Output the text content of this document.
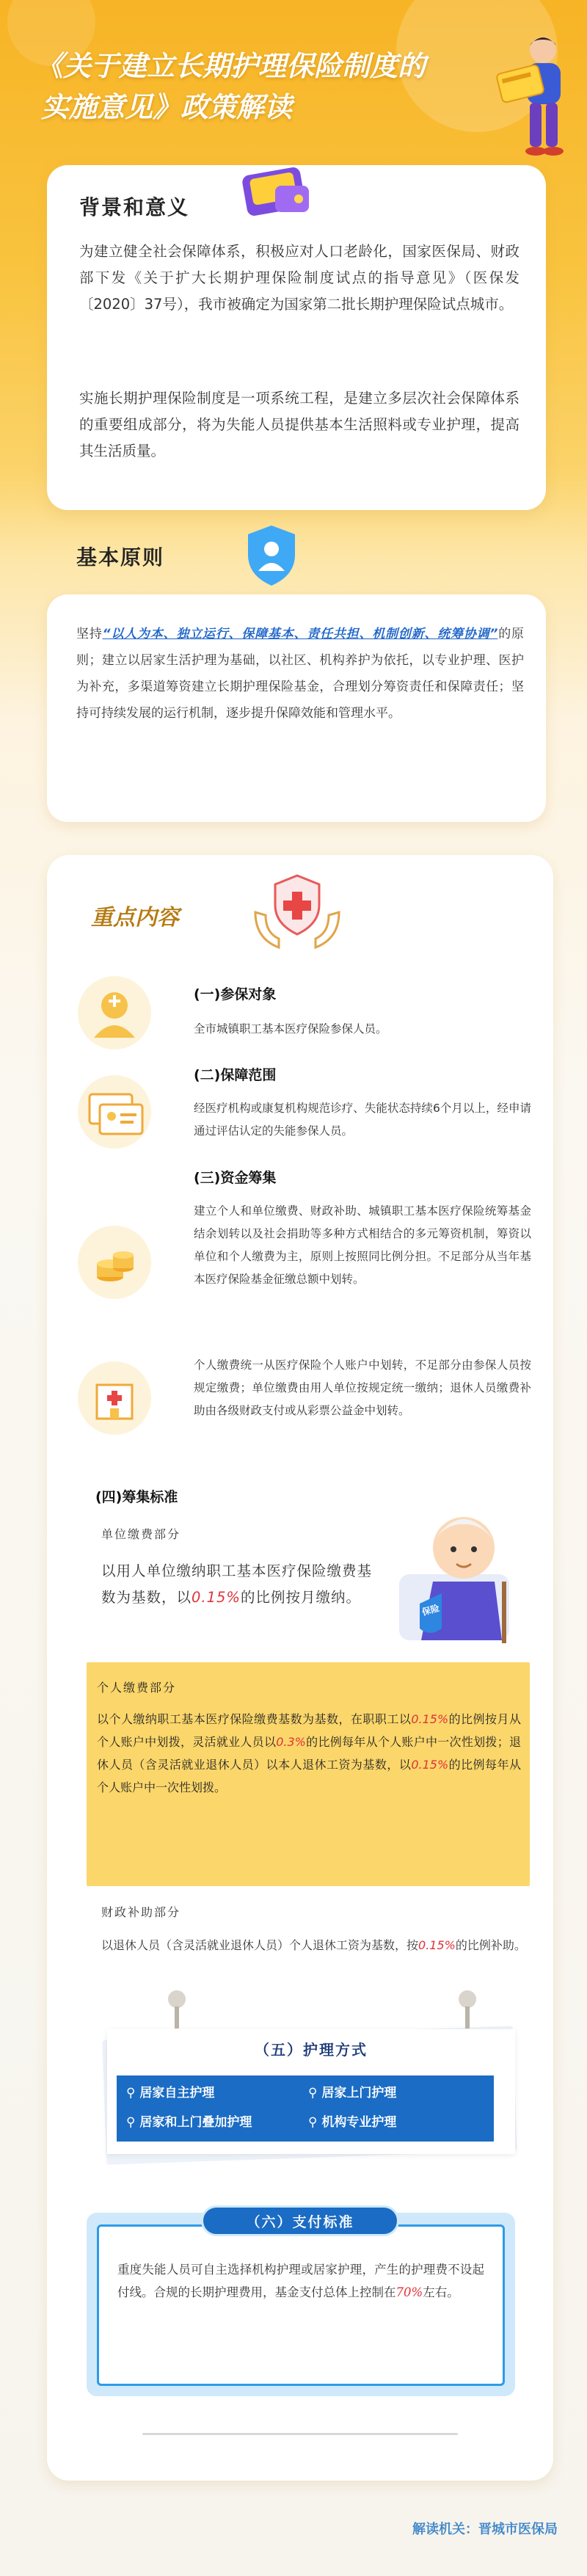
《关于建立长期护理保险制度的
实施意见》政策解读
背景和意义
为建立健全社会保障体系，积极应对人口老龄化，国家医保局、财政部下发《关于扩大长期护理保险制度试点的指导意见》（医保发〔2020〕37号），我市被确定为国家第二批长期护理保险试点城市。
实施长期护理保险制度是一项系统工程，是建立多层次社会保障体系的重要组成部分，将为失能人员提供基本生活照料或专业护理，提高其生活质量。
基本原则
坚持“以人为本、独立运行、保障基本、责任共担、机制创新、统筹协调”的原则；建立以居家生活护理为基础，以社区、机构养护为依托，以专业护理、医护为补充，多渠道筹资建立长期护理保险基金，合理划分筹资责任和保障责任；坚持可持续发展的运行机制，逐步提升保障效能和管理水平。
重点内容
(一)参保对象
全市城镇职工基本医疗保险参保人员。
(二)保障范围
经医疗机构或康复机构规范诊疗、失能状态持续6个月以上，经申请通过评估认定的失能参保人员。
(三)资金筹集
建立个人和单位缴费、财政补助、城镇职工基本医疗保险统筹基金结余划转以及社会捐助等多种方式相结合的多元筹资机制，筹资以单位和个人缴费为主，原则上按照同比例分担。不足部分从当年基本医疗保险基金征缴总额中划转。
个人缴费统一从医疗保险个人账户中划转，不足部分由参保人员按规定缴费；单位缴费由用人单位按规定统一缴纳；退休人员缴费补助由各级财政支付或从彩票公益金中划转。
(四)筹集标准
单位缴费部分
以用人单位缴纳职工基本医疗保险缴费基数为基数，以0.15%的比例按月缴纳。
保险
个人缴费部分
以个人缴纳职工基本医疗保险缴费基数为基数，在职职工以0.15%的比例按月从个人账户中划拨，灵活就业人员以0.3%的比例每年从个人账户中一次性划拨；退休人员（含灵活就业退休人员）以本人退休工资为基数，以0.15%的比例每年从个人账户中一次性划拨。
财政补助部分
以退休人员（含灵活就业退休人员）个人退休工资为基数，按0.15%的比例补助。
（五）护理方式
⚲ 居家自主护理	⚲ 居家上门护理
⚲ 居家和上门叠加护理	⚲ 机构专业护理
（六）支付标准
重度失能人员可自主选择机构护理或居家护理，产生的护理费不设起付线。合规的长期护理费用，基金支付总体上控制在70%左右。
解读机关：晋城市医保局
